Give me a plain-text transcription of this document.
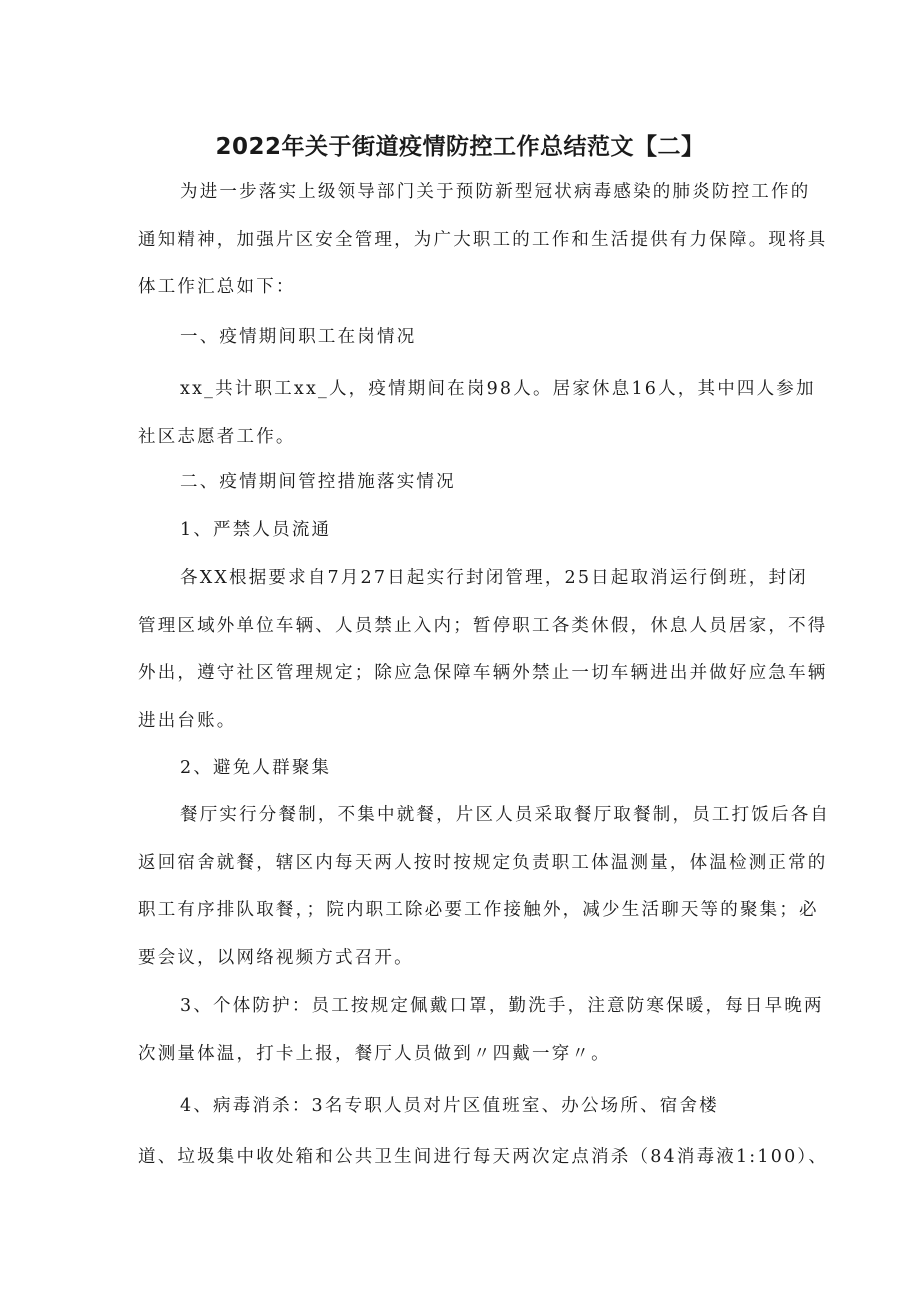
2022年关于街道疫情防控工作总结范文【二】
为进一步落实上级领导部门关于预防新型冠状病毒感染的肺炎防控工作的
通知精神，加强片区安全管理，为广大职工的工作和生活提供有力保障。现将具
体工作汇总如下：
一、疫情期间职工在岗情况
xx_共计职工xx_人，疫情期间在岗98人。居家休息16人，其中四人参加
社区志愿者工作。
二、疫情期间管控措施落实情况
1、严禁人员流通
各XX根据要求自7月27日起实行封闭管理，25日起取消运行倒班，封闭
管理区域外单位车辆、人员禁止入内；暂停职工各类休假，休息人员居家，不得
外出，遵守社区管理规定；除应急保障车辆外禁止一切车辆进出并做好应急车辆
进出台账。
2、避免人群聚集
餐厅实行分餐制，不集中就餐，片区人员采取餐厅取餐制，员工打饭后各自
返回宿舍就餐，辖区内每天两人按时按规定负责职工体温测量，体温检测正常的
职工有序排队取餐，；院内职工除必要工作接触外，减少生活聊天等的聚集；必
要会议，以网络视频方式召开。
3、个体防护：员工按规定佩戴口罩，勤洗手，注意防寒保暖，每日早晚两
次测量体温，打卡上报，餐厅人员做到〃四戴一穿〃。
4、病毒消杀：3名专职人员对片区值班室、办公场所、宿舍楼
道、垃圾集中收处箱和公共卫生间进行每天两次定点消杀（84消毒液1:100）、
